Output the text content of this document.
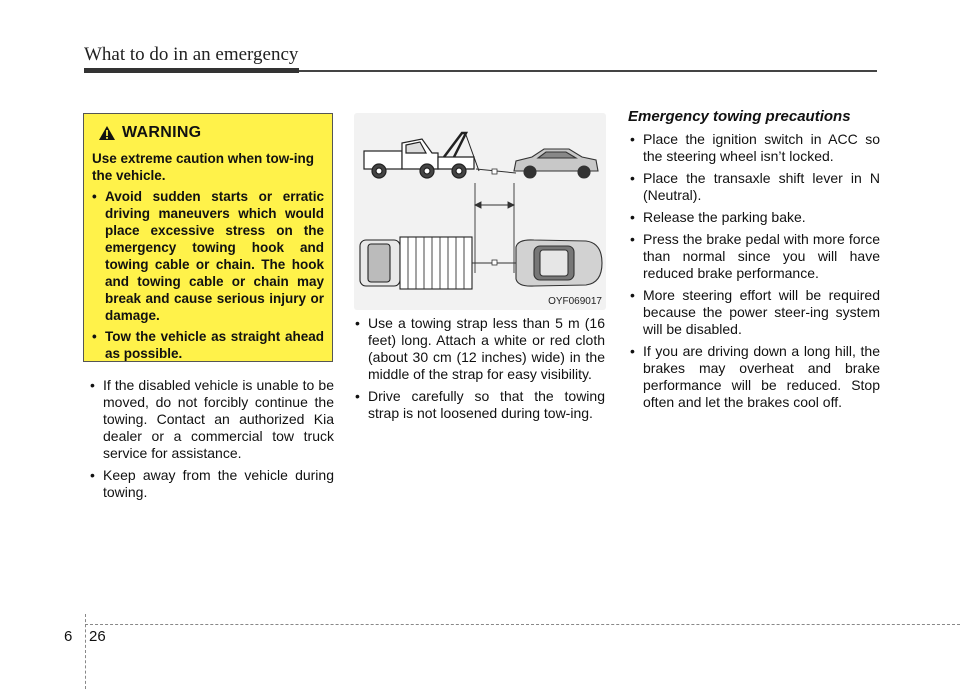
What to do in an emergency
WARNING
Use extreme caution when tow-ing the vehicle.
• Avoid sudden starts or erratic driving maneuvers which would place excessive stress on the emergency towing hook and towing cable or chain. The hook and towing cable or chain may break and cause serious injury or damage.
• Tow the vehicle as straight ahead as possible.
• If the disabled vehicle is unable to be moved, do not forcibly continue the towing. Contact an authorized Kia dealer or a commercial tow truck service for assistance.
• Keep away from the vehicle during towing.
OYF069017
• Use a towing strap less than 5 m (16 feet) long. Attach a white or red cloth (about 30 cm (12 inches) wide) in the middle of the strap for easy visibility.
• Drive carefully so that the towing strap is not loosened during tow-ing.
Emergency towing precautions
• Place the ignition switch in ACC so the steering wheel isn’t locked.
• Place the transaxle shift lever in N (Neutral).
• Release the parking bake.
• Press the brake pedal with more force than normal since you will have reduced brake performance.
• More steering effort will be required because the power steer-ing system will be disabled.
• If you are driving down a long hill, the brakes may overheat and brake performance will be reduced. Stop often and let the brakes cool off.
6 26
